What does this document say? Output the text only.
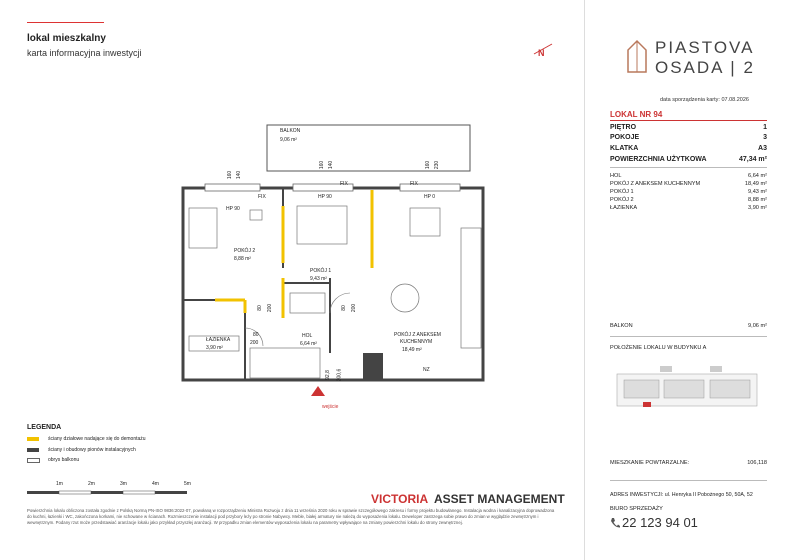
lokal mieszkalny
karta informacyjna inwestycji	N
BALKON
9,06 m²
POKÓJ 2
8,88 m²
POKÓJ 1
9,43 m²
HOL
6,64 m²
ŁAZIENKA
3,90 m²
POKÓJ Z ANEKSEM
KUCHENNYM
18,49 m²
wejście
HP 90
HP 90	HP 0
FIX
FIX	FIX
NZ
160 140
160 140	160 230
80 200
80
200
80 200
92,8 200,6
LEGENDA
ściany działowe nadające się do demontażu
ściany i obudowy pionów instalacyjnych
obrys balkonu
1m	2m	3m	4m	5m
VICTORIA ASSET MANAGEMENT
Powierzchnia lokalu obliczona została zgodnie z Polską Normą PN-ISO 9836:2022-07, powołaną w rozporządzeniu Ministra Rozwoju z dnia 11 września 2020 roku w sprawie szczegółowego zakresu i formy projektu budowlanego. Instalacja wodna i kanalizacyjna doprowadzona do kuchni, łazienki i WC, zakończona korkami, nie schowane w ścianach. Rozmieszczenie instalacji pod przybory leży po stronie Nabywcy. Meble, białej armatury nie należą do wyposażenia lokalu. Deweloper zastrzega sobie prawo do zmian w wyglądzie zewnętrznym i wewnętrznym. Podany rzut może przedstawiać aranżacje lokalu jako przykład przyszłej aranżacji. W przypadku zmian elementów wyposażenia lokalu na parametry wpływające na zmiany powierzchni lokalu do strony zewnętrznej.
PIASTOVA
OSADA | 2
data sporządzenia karty: 07.08.2026
LOKAL NR 94
PIĘTRO	1
POKOJE	3
KLATKA	A3
POWIERZCHNIA UŻYTKOWA	47,34 m²
HOL	6,64 m²
POKÓJ Z ANEKSEM KUCHENNYM	18,49 m²
POKÓJ 1	9,43 m²
POKÓJ 2	8,88 m²
ŁAZIENKA	3,90 m²
BALKON	9,06 m²
POŁOŻENIE LOKALU W BUDYNKU A
MIESZKANIE POWTARZALNE:	106,118
ADRES INWESTYCJI: ul. Henryka II Pobożnego 50, 50A, 52
BIURO SPRZEDAŻY
22 123 94 01
